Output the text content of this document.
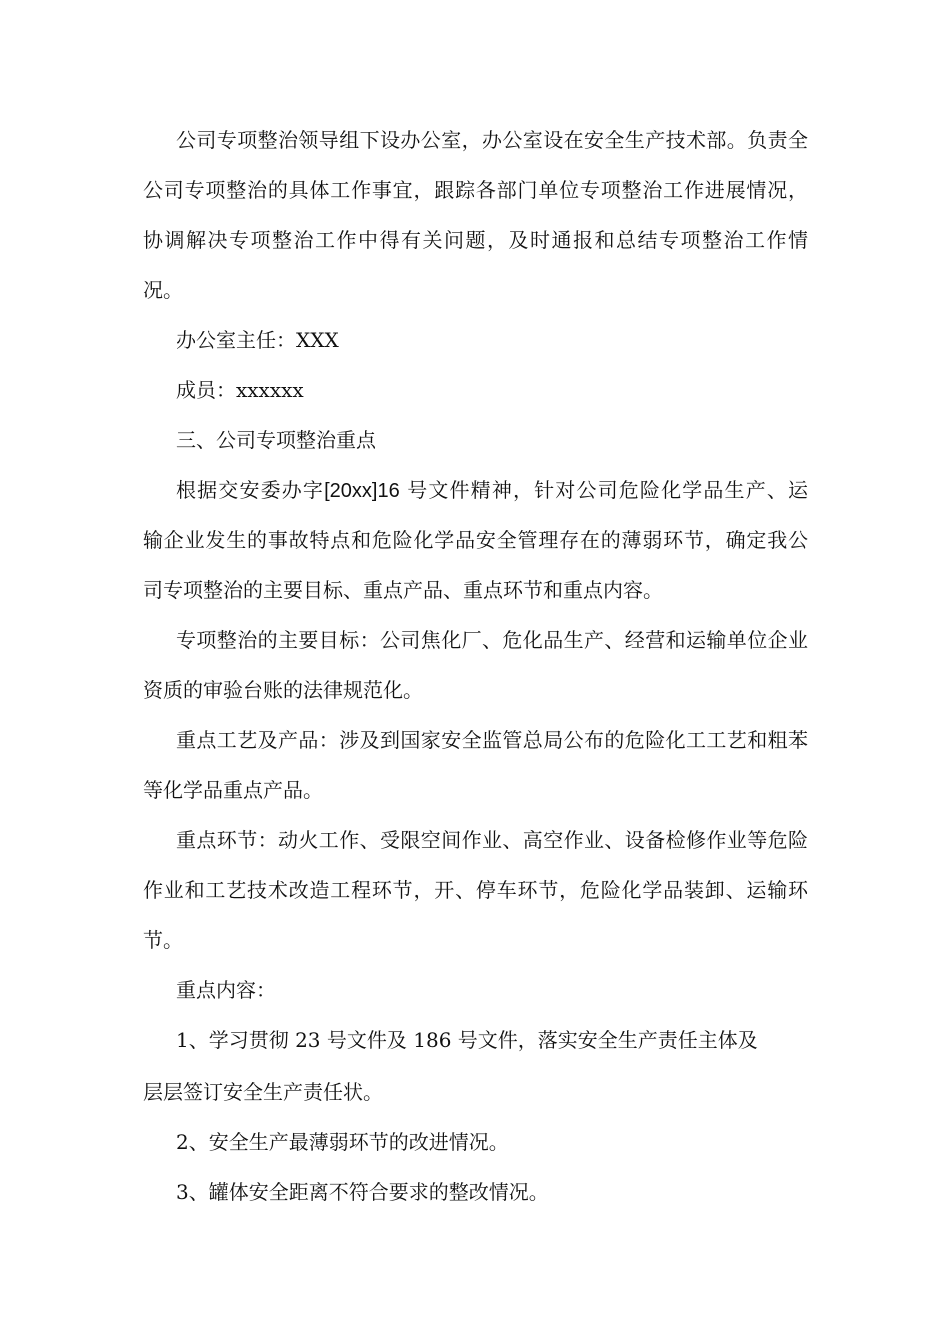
公司专项整治领导组下设办公室，办公室设在安全生产技术部。负责全
公司专项整治的具体工作事宜，跟踪各部门单位专项整治工作进展情况，
协调解决专项整治工作中得有关问题，及时通报和总结专项整治工作情
况。
办公室主任：XXX
成员：xxxxxx
三、公司专项整治重点
根据交安委办字[20xx]16 号文件精神，针对公司危险化学品生产、运
输企业发生的事故特点和危险化学品安全管理存在的薄弱环节，确定我公
司专项整治的主要目标、重点产品、重点环节和重点内容。
专项整治的主要目标：公司焦化厂、危化品生产、经营和运输单位企业
资质的审验台账的法律规范化。
重点工艺及产品：涉及到国家安全监管总局公布的危险化工工艺和粗苯
等化学品重点产品。
重点环节：动火工作、受限空间作业、高空作业、设备检修作业等危险
作业和工艺技术改造工程环节，开、停车环节，危险化学品装卸、运输环
节。
重点内容：
1、学习贯彻 23 号文件及 186 号文件，落实安全生产责任主体及
层层签订安全生产责任状。
2、安全生产最薄弱环节的改进情况。
3、罐体安全距离不符合要求的整改情况。
